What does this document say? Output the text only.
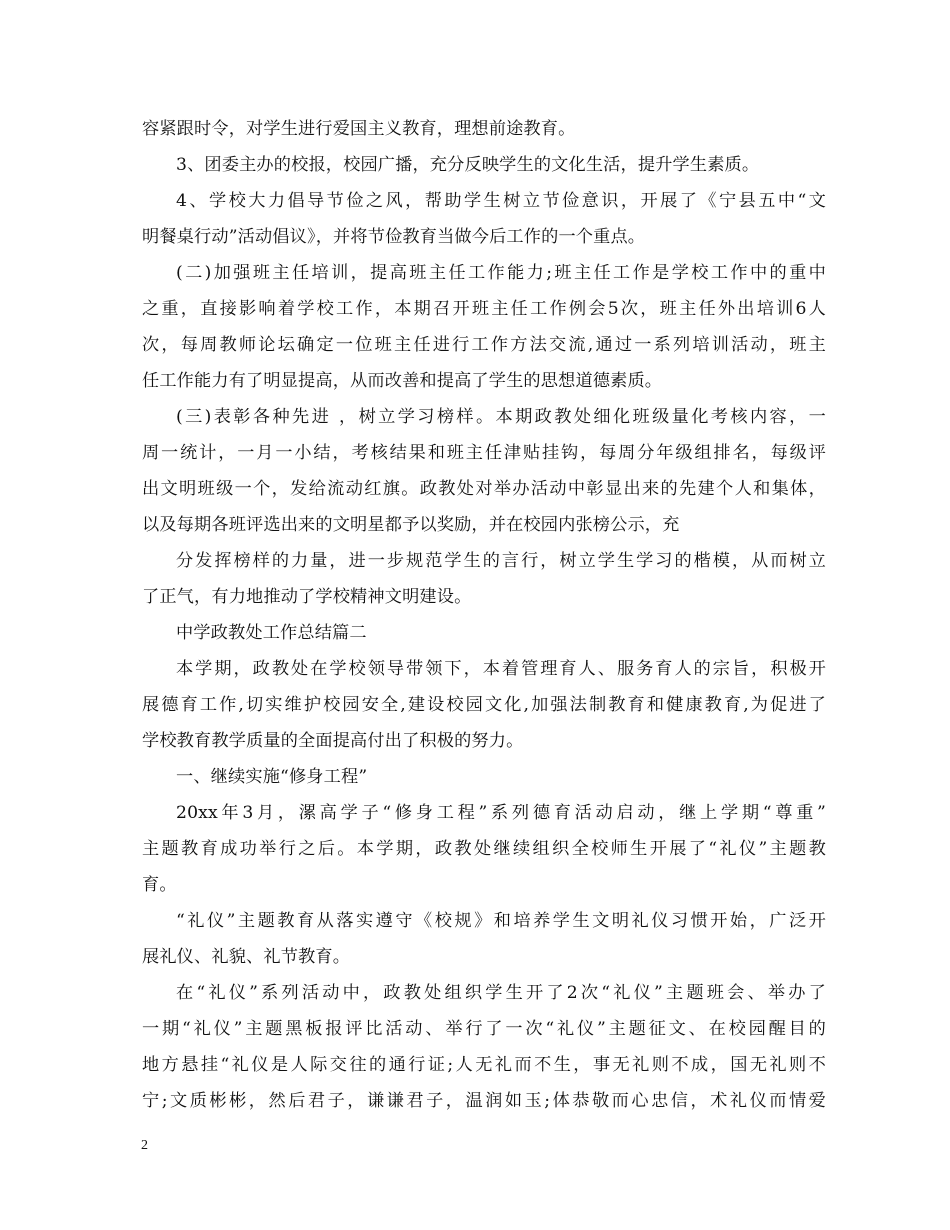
容紧跟时令，对学生进行爱国主义教育，理想前途教育。
3、团委主办的校报，校园广播，充分反映学生的文化生活，提升学生素质。
4、学校大力倡导节俭之风，帮助学生树立节俭意识，开展了《宁县五中“文
明餐桌行动”活动倡议》，并将节俭教育当做今后工作的一个重点。
(二)加强班主任培训，提高班主任工作能力;班主任工作是学校工作中的重中
之重，直接影响着学校工作，本期召开班主任工作例会5次，班主任外出培训6人
次，每周教师论坛确定一位班主任进行工作方法交流,通过一系列培训活动，班主
任工作能力有了明显提高，从而改善和提高了学生的思想道德素质。
(三)表彰各种先进 ，树立学习榜样。本期政教处细化班级量化考核内容，一
周一统计，一月一小结，考核结果和班主任津贴挂钩，每周分年级组排名，每级评
出文明班级一个，发给流动红旗。政教处对举办活动中彰显出来的先建个人和集体，
以及每期各班评选出来的文明星都予以奖励，并在校园内张榜公示，充
分发挥榜样的力量，进一步规范学生的言行，树立学生学习的楷模，从而树立
了正气，有力地推动了学校精神文明建设。
中学政教处工作总结篇二
本学期，政教处在学校领导带领下，本着管理育人、服务育人的宗旨，积极开
展德育工作,切实维护校园安全,建设校园文化,加强法制教育和健康教育,为促进了
学校教育教学质量的全面提高付出了积极的努力。
一、继续实施“修身工程”
20xx年3月，漯高学子“修身工程”系列德育活动启动，继上学期“尊重”
主题教育成功举行之后。本学期，政教处继续组织全校师生开展了“礼仪”主题教
育。
“礼仪”主题教育从落实遵守《校规》和培养学生文明礼仪习惯开始，广泛开
展礼仪、礼貌、礼节教育。
在“礼仪”系列活动中，政教处组织学生开了2次“礼仪”主题班会、举办了
一期“礼仪”主题黑板报评比活动、举行了一次“礼仪”主题征文、在校园醒目的
地方悬挂“礼仪是人际交往的通行证;人无礼而不生，事无礼则不成，国无礼则不
宁;文质彬彬，然后君子，谦谦君子，温润如玉;体恭敬而心忠信，术礼仪而情爱
2
